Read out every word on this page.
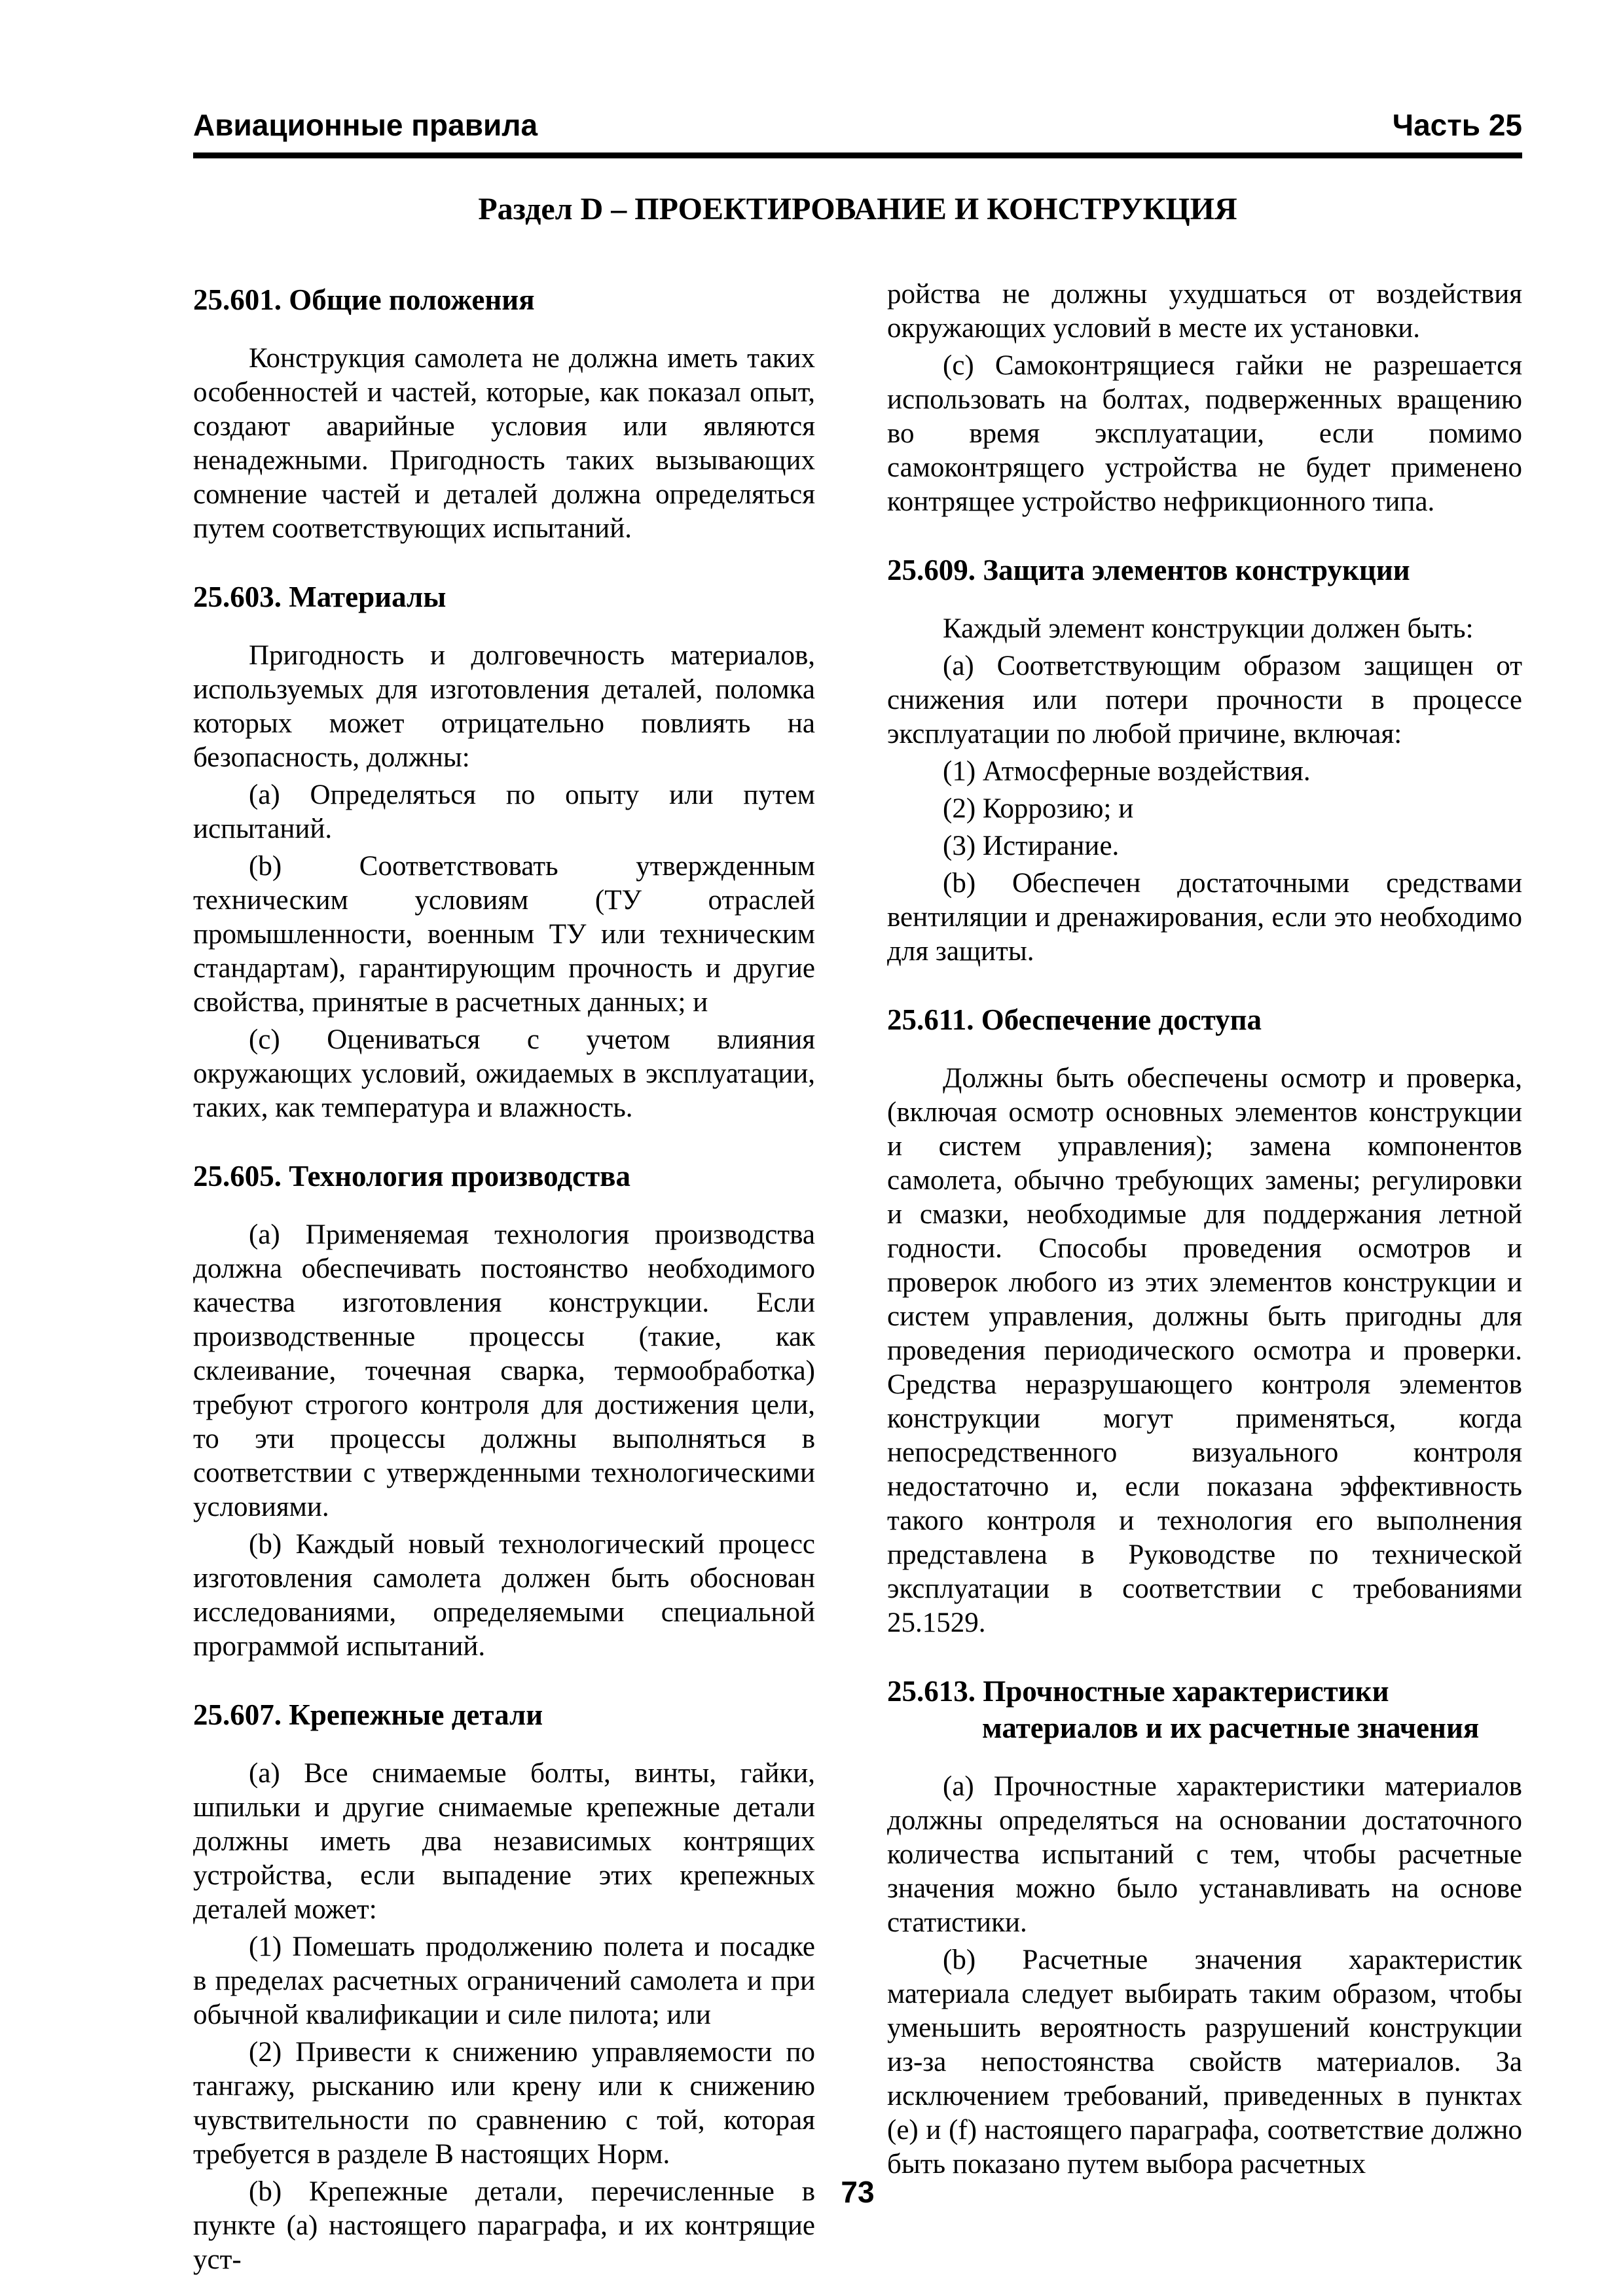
Авиационные правила	Часть 25
Раздел D – ПРОЕКТИРОВАНИЕ И КОНСТРУКЦИЯ
25.601. Общие положения

Конструкция самолета не должна иметь таких особенностей и частей, которые, как показал опыт, создают аварийные условия или являются ненадежными. Пригодность таких вызывающих сомнение частей и деталей должна определяться путем соответствующих испытаний.

25.603. Материалы

Пригодность и долговечность материалов, используемых для изготовления деталей, поломка которых может отрицательно повлиять на безопасность, должны:

(a) Определяться по опыту или путем испытаний.

(b) Соответствовать утвержденным техническим условиям (ТУ отраслей промышленности, военным ТУ или техническим стандартам), гарантирующим прочность и другие свойства, принятые в расчетных данных; и

(c) Оцениваться с учетом влияния окружающих условий, ожидаемых в эксплуатации, таких, как температура и влажность.

25.605. Технология производства

(a) Применяемая технология производства должна обеспечивать постоянство необходимого качества изготовления конструкции. Если производственные процессы (такие, как склеивание, точечная сварка, термообработка) требуют строгого контроля для достижения цели, то эти процессы должны выполняться в соответствии с утвержденными технологическими условиями.

(b) Каждый новый технологический процесс изготовления самолета должен быть обоснован исследованиями, определяемыми специальной программой испытаний.

25.607. Крепежные детали

(a) Все снимаемые болты, винты, гайки, шпильки и другие снимаемые крепежные детали должны иметь два независимых контрящих устройства, если выпадение этих крепежных деталей может:

(1) Помешать продолжению полета и посадке в пределах расчетных ограничений самолета и при обычной квалификации и силе пилота; или

(2) Привести к снижению управляемости по тангажу, рысканию или крену или к снижению чувствительности по сравнению с той, которая требуется в разделе В настоящих Норм.

(b) Крепежные детали, перечисленные в пункте (a) настоящего параграфа, и их контрящие уст-

ройства не должны ухудшаться от воздействия окружающих условий в месте их установки.

(c) Самоконтрящиеся гайки не разрешается использовать на болтах, подверженных вращению во время эксплуатации, если помимо самоконтрящего устройства не будет применено контрящее устройство нефрикционного типа.

25.609. Защита элементов конструкции

Каждый элемент конструкции должен быть:

(a) Соответствующим образом защищен от снижения или потери прочности в процессе эксплуатации по любой причине, включая:

(1) Атмосферные воздействия.

(2) Коррозию; и

(3) Истирание.

(b) Обеспечен достаточными средствами вентиляции и дренажирования, если это необходимо для защиты.

25.611. Обеспечение доступа

Должны быть обеспечены осмотр и проверка, (включая осмотр основных элементов конструкции и систем управления); замена компонентов самолета, обычно требующих замены; регулировки и смазки, необходимые для поддержания летной годности. Способы проведения осмотров и проверок любого из этих элементов конструкции и систем управления, должны быть пригодны для проведения периодического осмотра и проверки. Средства неразрушающего контроля элементов конструкции могут применяться, когда непосредственного визуального контроля недостаточно и, если показана эффективность такого контроля и технология его выполнения представлена в Руководстве по технической эксплуатации в соответствии с требованиями 25.1529.

25.613. Прочностные характеристики
материалов и их расчетные значения

(a) Прочностные характеристики материалов должны определяться на основании достаточного количества испытаний с тем, чтобы расчетные значения можно было устанавливать на основе статистики.

(b) Расчетные значения характеристик материала следует выбирать таким образом, чтобы уменьшить вероятность разрушений конструкции из-за непостоянства свойств материалов. За исключением требований, приведенных в пунктах (e) и (f) настоящего параграфа, соответствие должно быть показано путем выбора расчетных

73
